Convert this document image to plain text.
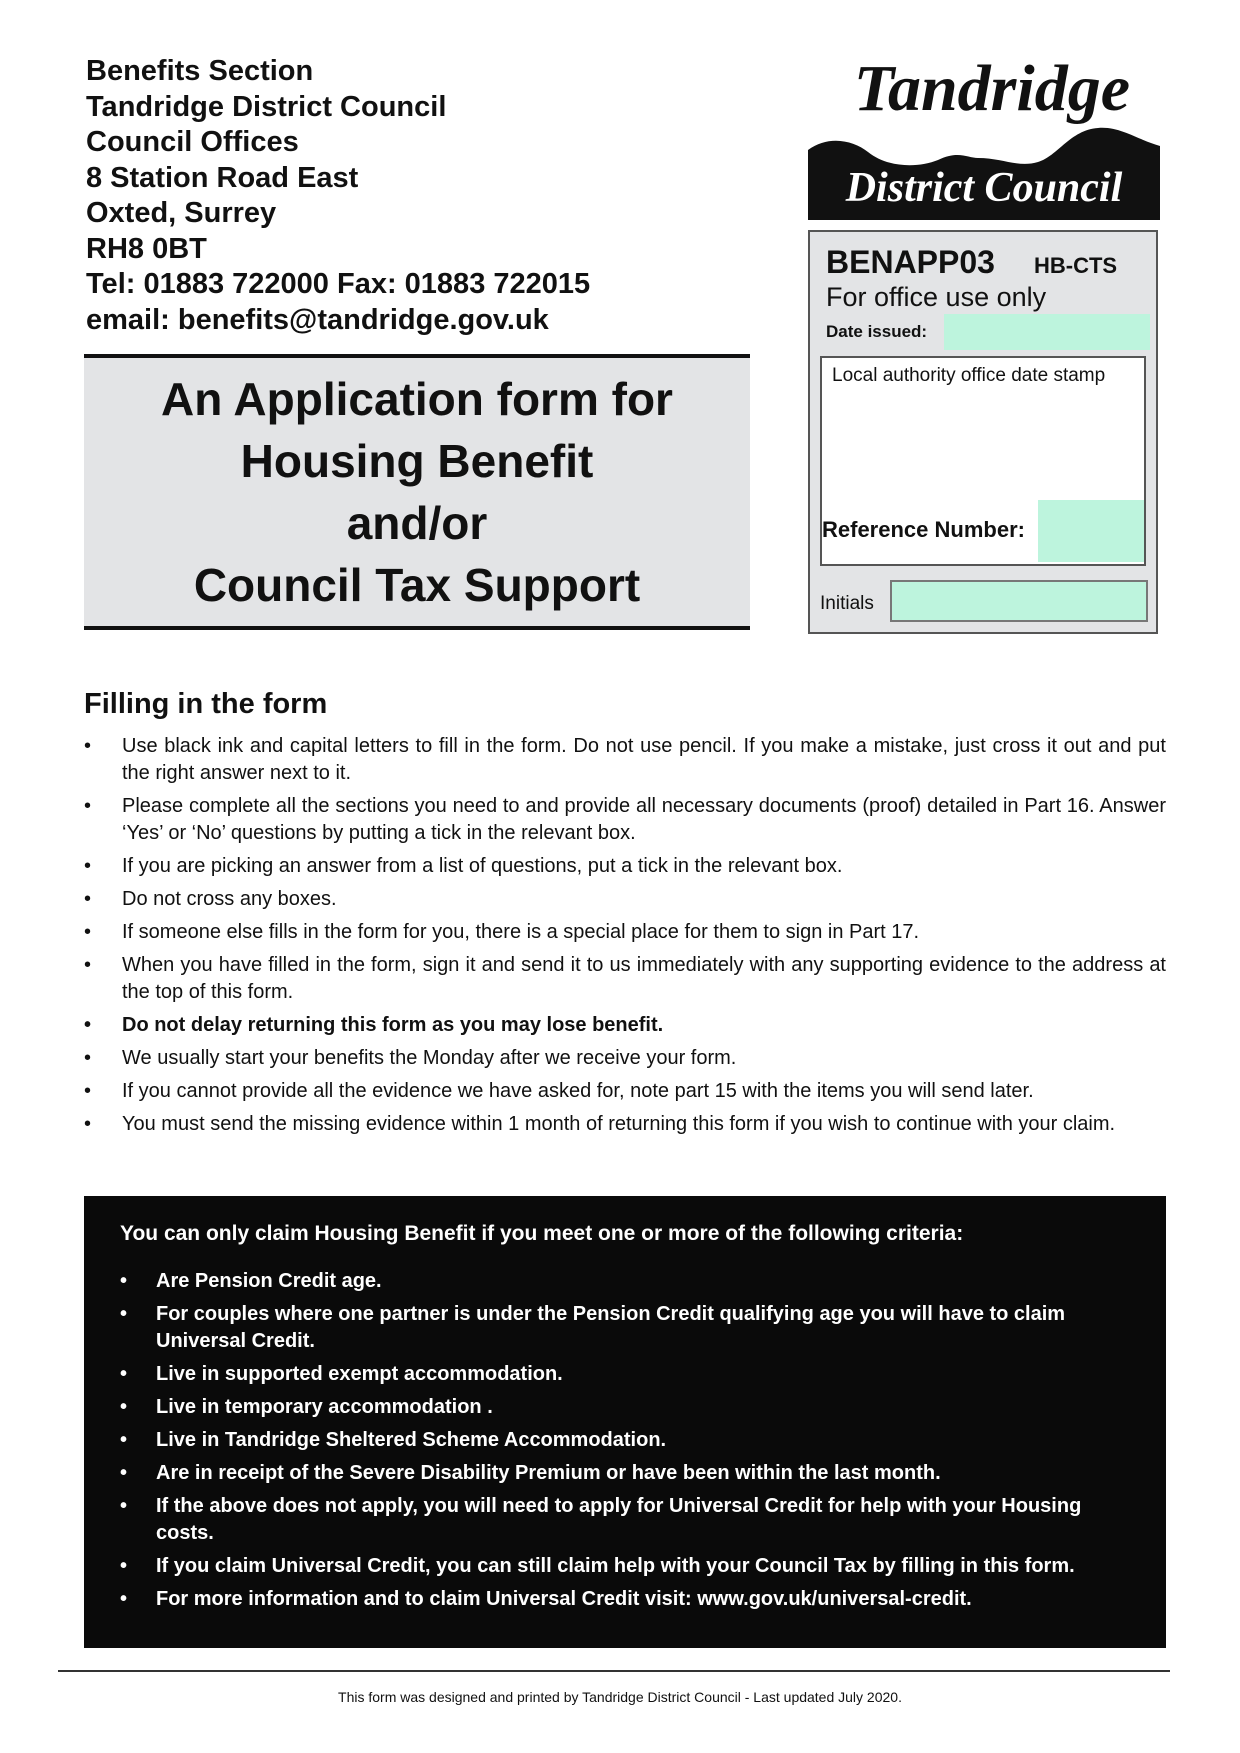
Benefits Section
Tandridge District Council
Council Offices
8 Station Road East
Oxted, Surrey
RH8 0BT
Tel: 01883 722000 Fax: 01883 722015
email: benefits@tandridge.gov.uk
An Application form for
Housing Benefit
and/or
Council Tax Support
Tandridge
District Council
BENAPP03 HB-CTS
For office use only
Date issued:
Local authority office date stamp
Reference Number:
Initials
Filling in the form
• Use black ink and capital letters to fill in the form. Do not use pencil. If you make a mistake, just cross it out and put the right answer next to it.
• Please complete all the sections you need to and provide all necessary documents (proof) detailed in Part 16. Answer ‘Yes’ or ‘No’ questions by putting a tick in the relevant box.
• If you are picking an answer from a list of questions, put a tick in the relevant box.
• Do not cross any boxes.
• If someone else fills in the form for you, there is a special place for them to sign in Part 17.
• When you have filled in the form, sign it and send it to us immediately with any supporting evidence to the address at the top of this form.
• Do not delay returning this form as you may lose benefit.
• We usually start your benefits the Monday after we receive your form.
• If you cannot provide all the evidence we have asked for, note part 15 with the items you will send later.
• You must send the missing evidence within 1 month of returning this form if you wish to continue with your claim.
You can only claim Housing Benefit if you meet one or more of the following criteria:
• Are Pension Credit age.
• For couples where one partner is under the Pension Credit qualifying age you will have to claim Universal Credit.
• Live in supported exempt accommodation.
• Live in temporary accommodation .
• Live in Tandridge Sheltered Scheme Accommodation.
• Are in receipt of the Severe Disability Premium or have been within the last month.
• If the above does not apply, you will need to apply for Universal Credit for help with your Housing costs.
• If you claim Universal Credit, you can still claim help with your Council Tax by filling in this form.
• For more information and to claim Universal Credit visit: www.gov.uk/universal-credit.
This form was designed and printed by Tandridge District Council - Last updated July 2020.
